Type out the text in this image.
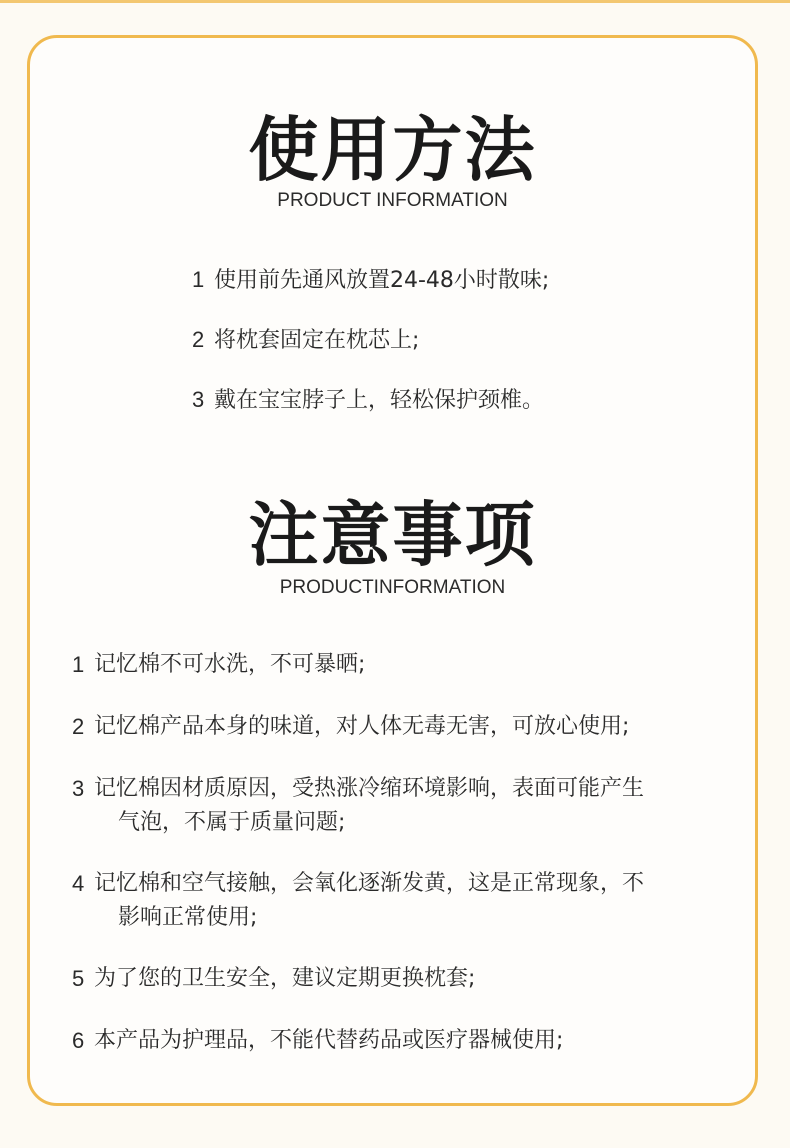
使用方法
PRODUCT INFORMATION
1 使用前先通风放置24-48小时散味;
2 将枕套固定在枕芯上;
3 戴在宝宝脖子上，轻松保护颈椎。
注意事项
PRODUCTINFORMATION
1 记忆棉不可水洗，不可暴晒;
2 记忆棉产品本身的味道，对人体无毒无害，可放心使用;
3 记忆棉因材质原因，受热涨冷缩环境影响，表面可能产生
气泡，不属于质量问题;
4 记忆棉和空气接触，会氧化逐渐发黄，这是正常现象，不
影响正常使用;
5 为了您的卫生安全，建议定期更换枕套;
6 本产品为护理品，不能代替药品或医疗器械使用;
